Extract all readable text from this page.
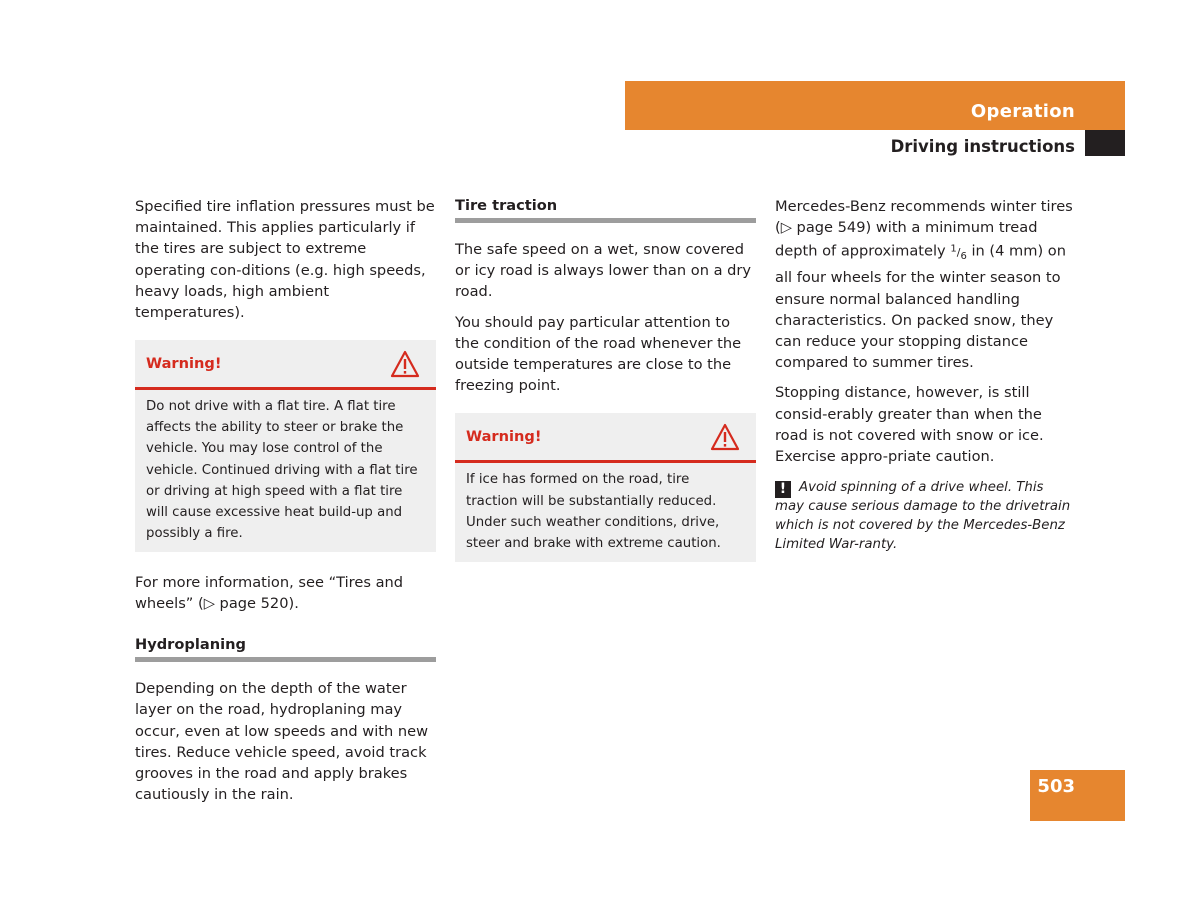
Operation
Driving instructions

Specified tire inflation pressures must be maintained. This applies particularly if the tires are subject to extreme operating con-ditions (e.g. high speeds, heavy loads, high ambient temperatures).

Warning!
Do not drive with a flat tire. A flat tire affects the ability to steer or brake the vehicle. You may lose control of the vehicle. Continued driving with a flat tire or driving at high speed with a flat tire will cause excessive heat build-up and possibly a fire.

For more information, see “Tires and wheels” (▷ page 520).

Hydroplaning

Depending on the depth of the water layer on the road, hydroplaning may occur, even at low speeds and with new tires. Reduce vehicle speed, avoid track grooves in the road and apply brakes cautiously in the rain.

Tire traction

The safe speed on a wet, snow covered or icy road is always lower than on a dry road.

You should pay particular attention to the condition of the road whenever the outside temperatures are close to the freezing point.

Warning!
If ice has formed on the road, tire traction will be substantially reduced. Under such weather conditions, drive, steer and brake with extreme caution.

Mercedes-Benz recommends winter tires (▷ page 549) with a minimum tread depth of approximately $^1/_6$ in (4 mm) on all four wheels for the winter season to ensure normal balanced handling characteristics. On packed snow, they can reduce your stopping distance compared to summer tires.

Stopping distance, however, is still consid-erably greater than when the road is not covered with snow or ice. Exercise appro-priate caution.

! Avoid spinning of a drive wheel. This may cause serious damage to the drivetrain which is not covered by the Mercedes-Benz Limited War-ranty.
503
